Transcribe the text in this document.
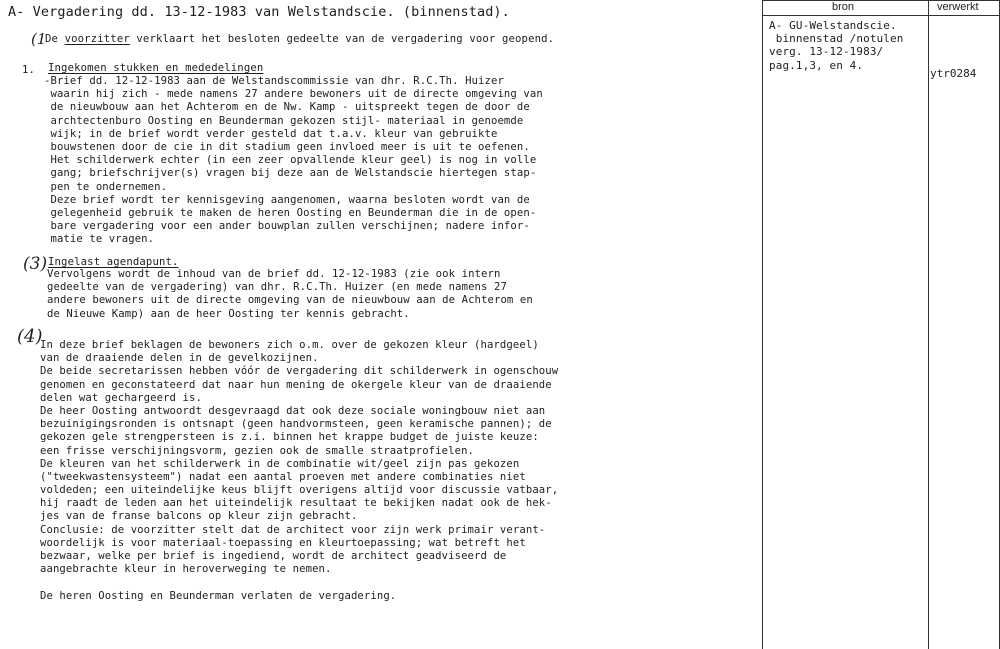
A- Vergadering dd. 13-12-1983 van Welstandscie. (binnenstad).
(1
De voorzitter verklaart het besloten gedeelte van de vergadering voor geopend.
1. Ingekomen stukken en mededelingen
-Brief dd. 12-12-1983 aan de Welstandscommissie van dhr. R.C.Th. Huizer
waarin hij zich - mede namens 27 andere bewoners uit de directe omgeving van
de nieuwbouw aan het Achterom en de Nw. Kamp - uitspreekt tegen de door de
archtectenburo Oosting en Beunderman gekozen stijl- materiaal in genoemde
wijk; in de brief wordt verder gesteld dat t.a.v. kleur van gebruikte
bouwstenen door de cie in dit stadium geen invloed meer is uit te oefenen.
Het schilderwerk echter (in een zeer opvallende kleur geel) is nog in volle
gang; briefschrijver(s) vragen bij deze aan de Welstandscie hiertegen stap-
pen te ondernemen.
Deze brief wordt ter kennisgeving aangenomen, waarna besloten wordt van de
gelegenheid gebruik te maken de heren Oosting en Beunderman die in de open-
bare vergadering voor een ander bouwplan zullen verschijnen; nadere infor-
matie te vragen.
(3) Ingelast agendapunt.
Vervolgens wordt de inhoud van de brief dd. 12-12-1983 (zie ook intern
gedeelte van de vergadering) van dhr. R.C.Th. Huizer (en mede namens 27
andere bewoners uit de directe omgeving van de nieuwbouw aan de Achterom en
de Nieuwe Kamp) aan de heer Oosting ter kennis gebracht.
(4)
In deze brief beklagen de bewoners zich o.m. over de gekozen kleur (hardgeel)
van de draaiende delen in de gevelkozijnen.
De beide secretarissen hebben vóór de vergadering dit schilderwerk in ogenschouw
genomen en geconstateerd dat naar hun mening de okergele kleur van de draaiende
delen wat gechargeerd is.
De heer Oosting antwoordt desgevraagd dat ook deze sociale woningbouw niet aan
bezuinigingsronden is ontsnapt (geen handvormsteen, geen keramische pannen); de
gekozen gele strengpersteen is z.i. binnen het krappe budget de juiste keuze:
een frisse verschijningsvorm, gezien ook de smalle straatprofielen.
De kleuren van het schilderwerk in de combinatie wit/geel zijn pas gekozen
("tweekwastensysteem") nadat een aantal proeven met andere combinaties niet
voldeden; een uiteindelijke keus blijft overigens altijd voor discussie vatbaar,
hij raadt de leden aan het uiteindelijk resultaat te bekijken nadat ook de hek-
jes van de franse balcons op kleur zijn gebracht.
Conclusie: de voorzitter stelt dat de architect voor zijn werk primair verant-
woordelijk is voor materiaal-toepassing en kleurtoepassing; wat betreft het
bezwaar, welke per brief is ingediend, wordt de architect geadviseerd de
aangebrachte kleur in heroverweging te nemen.
De heren Oosting en Beunderman verlaten de vergadering.
bron	verwerkt
A- GU-Welstandscie.
binnenstad /notulen
verg. 13-12-1983/
pag.1,3, en 4.
ytr0284
